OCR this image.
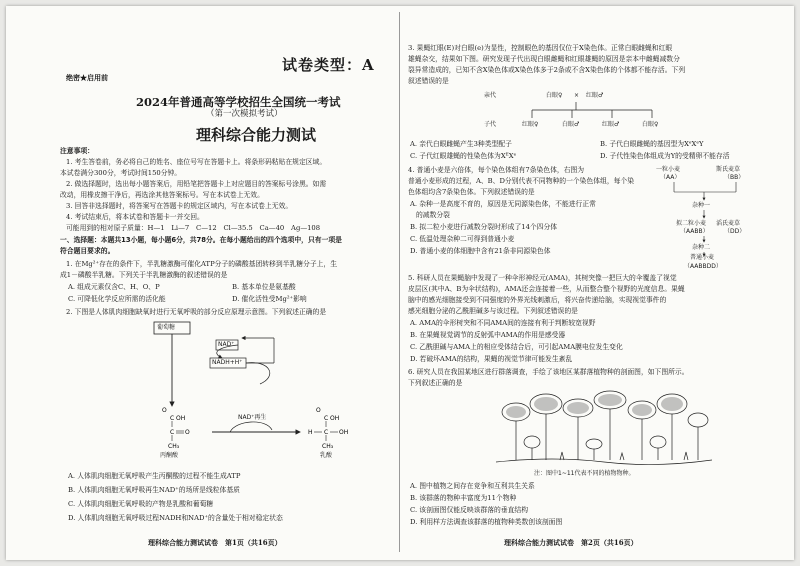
试卷类型：A
绝密★启用前
2024年普通高等学校招生全国统一考试
（第一次模拟考试）
理科综合能力测试
注意事项：
1. 考生答卷前，务必将自己的姓名、座位号写在答题卡上。将条形码粘贴在规定区域。
本试卷满分300分，考试时间150分钟。
2. 做选择题时，选出每小题答案后，用铅笔把答题卡上对应题目的答案标号涂黑。如需
改动，用橡皮擦干净后，再选涂其他答案标号。写在本试卷上无效。
3. 回答非选择题时，将答案写在答题卡的规定区域内，写在本试卷上无效。
4. 考试结束后，将本试卷和答题卡一并交回。
可能用到的相对原子质量：H—1　Li—7　C—12　Cl—35.5　Ca—40　Ag—108
一、选择题：本题共13小题，每小题6分，共78分。在每小题给出的四个选项中，只有一项是
符合题目要求的。
1. 在Mg²⁺存在的条件下，半乳糖激酶可催化ATP分子的磷酸基团转移到半乳糖分子上，生
成1－磷酸半乳糖。下列关于半乳糖激酶的叙述错误的是
A. 组成元素仅含C、H、O、P	B. 基本单位是氨基酸
C. 可降低化学反应所需的活化能	D. 催化活性受Mg²⁺影响
2. 下图是人体肌肉细胞缺氧时进行无氧呼吸的部分反应原理示意图。下列叙述正确的是
O
C OH
C O
CH₃
O
C OH
H C OH
CH₃
葡萄糖
NAD⁺
NADH+H⁺
NAD⁺再生
丙酮酸	乳酸
A. 人体肌肉细胞无氧呼吸产生丙酮酸的过程不能生成ATP
B. 人体肌肉细胞无氧呼吸再生NAD⁺的场所是线粒体基质
C. 人体肌肉细胞无氧呼吸的产物是乳酸和葡萄糖
D. 人体肌肉细胞无氧呼吸过程NADH和NAD⁺的含量处于相对稳定状态
理科综合能力测试试卷　第1页（共16页）
3. 果蝇红眼(E)对白眼(e)为显性，控制眼色的基因仅位于X染色体。正常白眼雌蝇和红眼
雄蝇杂交，结果如下图。研究发现子代出现白眼雌蝇和红眼雄蝇的原因是亲本中雌蝇减数分
裂异常造成的，已知不含X染色体或X染色体多于2条或不含X染色体的个体都不能存活。下列
叙述错误的是
亲代	白眼♀ × 红眼♂
子代	红眼♀	白眼♂	红眼♂	白眼♀
A. 亲代白眼雌蝇产生3种类型配子	B. 子代白眼雌蝇的基因型为XᵉXᵉY
C. 子代红眼雄蝇的性染色体为XᴱXᵉ	D. 子代性染色体组成为Y的受精卵不能存活
4. 普通小麦是六倍体，每个染色体组有7条染色体，右图为
普通小麦形成的过程，A、B、D分别代表不同物种的一个染色体组，每个染
色体组均含7条染色体。下列叙述错误的是
A. 杂种一是高度不育的，原因是无同源染色体，不能进行正常
的减数分裂
B. 拟二粒小麦进行减数分裂时形成了14个四分体
C. 低温处理杂种二可得到普通小麦
D. 普通小麦的体细胞中含有21条非同源染色体
一粒小麦	斯氏麦草
（AA）	（BB）
杂种一
拟二粒小麦 滔氏麦草
（AABB）	（DD）
杂种二
普通小麦
（AABBDD）
5. 科研人员在果蝇脑中发现了一种伞形神经元(AMA)，其树突像一把巨大的伞覆盖了视觉
皮层区(其中A、B为伞状结构)，AMA还会连接着一些，从而整合整个视野的光度信息。果蝇
脑中的感光细胞接受到不同强度的外界光线刺激后，将兴奋传递给脑，实现视觉事件的
感光细胞分泌的乙酰胆碱多与该过程。下列叙述错误的是
A. AMA的伞形树突和不同AMA间的连接有利于判断较宽视野
B. 在果蝇视觉调节的反射弧中AMA的作用是感受器
C. 乙酰胆碱与AMA上的相应受体结合后，可引起AMA膜电位发生变化
D. 若破坏AMA的结构，果蝇的视觉节律可能发生紊乱
6. 研究人员在我国某地区进行群落调查，手绘了该地区某群落植物种的剖面图，如下图所示。
下列叙述正确的是
注：图中1~11代表不同的植物物种。
A. 图中植物之间存在竞争和互利共生关系
B. 该群落的物种丰富度为11个物种
C. 该剖面图仅能反映该群落的垂直结构
D. 利用样方法调查该群落的植物种类数创该剖面图
理科综合能力测试试卷　第2页（共16页）
